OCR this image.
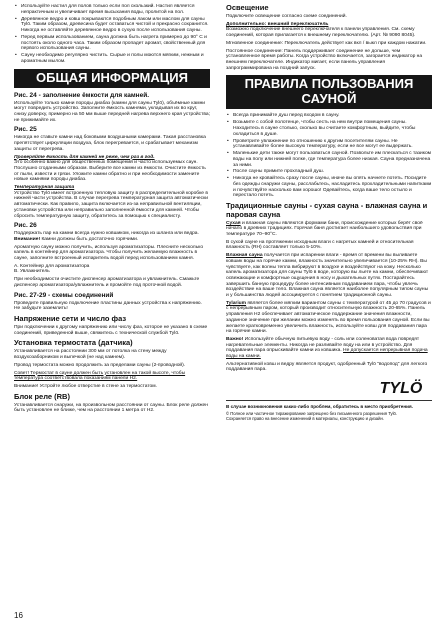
• Используйте настил для полов только если пол скользкий. Настил является непрактичным и увеличивает время высыхания воды, пролитой на пол.
• Деревянное ведро и ковш покрываются подобным лаком или маслом для сауны Tylö. Таким образом, древесина будет оставаться чистой и прекрасно сохранится. Никогда не оставляйте деревянное ведро в сухую после использования сауны.
• Перед первым использованием, сауна должна быть нагрета примерно до 90° С и постоять около одного часа. Таким образом пропадет аромат, свойственный для первого использования сауны.
• Сауну необходимо регулярно чистить. Сырые и полы моются мягким, нежным и ароматным мылом.
ОБЩАЯ ИНФОРМАЦИЯ
Рис. 24 - заполнение ёмкости для камней.

Используйте только камни породы диабаз (камни для сауны Tylö), объёмные камни могут повредить устройство. Заполните ёмкость камнями, укладывая их во круг, снизу доверху, примерно на 50 мм выше передней нагрева верхнего края устройства; не прижимайте их.

Рис. 25

Никогда не ставьте камни над боковыми воздушными камерами. Такая расстановка препятствует циркуляции воздуха, блок перегревается, и срабатывает механизм защиты от перегрева.

Проверяйте ёмкость для камней не реже, чем раз в год.

Это особенно важно для общественных помещений и часто используемых саун. Послушно сгоданными образом. Выберите все камни из ёмкости. Очистите ёмкость от пыли, извести и грязи. Уложите камни обратно и при необходимости замените новые камнями породы диабаз.

Температурная защита

Устройство Tylö имеет встроенную тепловую защиту в распределительной коробке в нижней части устройства. В случае перегрева температурная защита автоматически автоматически. Как правило, защита включается из-за неправильной вентиляции, установки устройства или неправильно заполненной ёмкости для камней. Чтобы сбросить температурную защиту, обратитесь за помощью к специалисту.

Рис. 26

Поддержать пар на камни всегда нужно ковшиком, никогда из шланга или ведра. Внимание! Камни должны быть достаточно горячими.

Ароматную сауну можно получить, используя ароматизаторы. Плесните несколько капель в контейнер для ароматизатора. Чтобы получить желаемую влажность в сауне, заполните встроенный испаритель водой перед использованием камня.

A. Контейнер для ароматизатора
B. Увлажнитель

При необходимости очистите диспенсер ароматизатора и увлажнитель. Смажьте диспенсер ароматизатора/увлажнитель и промойте под проточной водой.

Рис. 27-29 - схемы соединений

Проведите правильную подключение пластины данных устройства к напряжению.

Не забудьте заземлить!

Напряжение сети и число фаз

При подключении к другому напряжению или числу фаз, которое не указано в схеме соединений, приведенной выше, свяжитесь с технической службой Tylö.

Установка термостата (датчика)

Устанавливается на расстоянии 300 мм от потолка на стену между воздухозаборником и выпечкой (не над камнем).

Провод термостата можно продолжить за пределами сауны (2-проводной).

Совет! Термостат в сауне должен быть установлен на такой высоте, чтобы температура соответствовала показаниям панели Н2.

Внимание! Устройте любое отверстие в стене за термостатом.

Блок реле (RB)

Устанавливается снаружи, на произвольном расстоянии от сауны. Блок реле должен быть установлен не ближе, чем на расстоянии 1 метра от Н2.

Освещение

Подключите освещение согласно схеме соединений.

Дополнительно: внешний переключатель

Возможно подключение внешнего переключателя к панели управления. См. схему соединений, которая прилагается к внешнему переключателю. (Арт. № 9090 8045).

Мгновенное соединение: Переключатель действует как вкл / выкл при каждом нажатии.

Постоянное соединение: Панель поддерживает соединение не дольше, чем установленное время работы. Когда устройство включается, загорается индикатор на внешнем переключателе. Индикатор мигает, если панель управления запрограммирована на поздний запуск.

ПРАВИЛА ПОЛЬЗОВАНИЯ
САУНОЙ
• Всегда принимайте душ перед входом в сауну.
• Возьмите с собой полотенце, чтобы сесть на нем внутри помещения сауны. Находитесь в сауне столько, сколько вы считаете комфортным, выйдите, чтобы охладиться в душе.
• Проветрите увлажнение по отношению к другим посетителям сауны. Не устанавливайте более высокую температуру, если не все могут ее выдержать.
• Маленькие дети также могут пользоваться сауной. Позвольте им плескаться с тазиком воды на полу или нижней полке, где температура более низкая. Сауна предназначена за ними.
• После сауны примите прохладный душ.
• Никогда не кровайтесь сразу после сауны, иначе вы опять начнете потеть. Посидите без одежды снаружи сауны, расслабьтесь, насладитесь прохладительными напитками и почувствуйте насколько вам хорошо! Одевайтесь, когда ваше тело остыло и перестало потеть.
Традиционные сауны - сухая сауна - влажная сауна и паровая сауна

Сухая и влажная сауны являются формами бани, происхождение которых берёт своё начало в древних традициях. Горячая баня достигает наибольшего удовольствия при температуре 70–90°С.

В сухой сауне на протяжении исходным влаги с нагретых камней и относительная влажность (RH) составляет только 5-10%.

Влажная сауна получается при испарении влаги - время от времени вы выливаете ковшик воды на горячие камни, влажность значительно увеличивается (10-25% RH). Вы чувствуете, как волны тепла вибрируют в воздухе и воздействуют на кожу. Несколько капель ароматизатора для сауны Tylö в воде, которую вы льете на камни, обеспечивают освежающие и комфортные ощущения в носу и дыхательных путях. Постарайтесь завершить банную процедуру более интенсивным поддаванием пара, чтобы увлечь воздействие на ваше тело. Влажная сауна является наиболее популярным типом сауны и у большинства людей ассоциируется с понятием традиционной сауны.

Tylarium является более мягким вариантом сауны с температурой от 45 до 70 градусов и с непрерывным паром, который производит относительную влажность 20-65%. Панель управления Н2 обеспечивает автоматическое поддержание значения влажности, заданное значение при желании можно изменять во время пользования сауной. Если вы желаете кратковременно увеличить влажность, используйте ковш для поддавания пара на горячие камни.

Важно! Используйте обычную питьевую воду - соль или соленоватая вода повредят нагревательные элементы. Никогда не разливайте воду на или в устройство. Для поддавания пара опрыскивайте камни из ковшика. Не допускается непрерывная подача воды на камни.

Альтернативной ковш и ведру является продукт, одобренный Tylö "водопод" для легкого поддавания пара.

TYLÖ
В случае возникновения каких-либо проблем, обратитесь в место приобретения.
© Полное или частичное тиражирование запрещено без письменного разрешения Tylö.
Сохраняется право на внесение изменений в материалы, конструкцию и дизайн.
16
